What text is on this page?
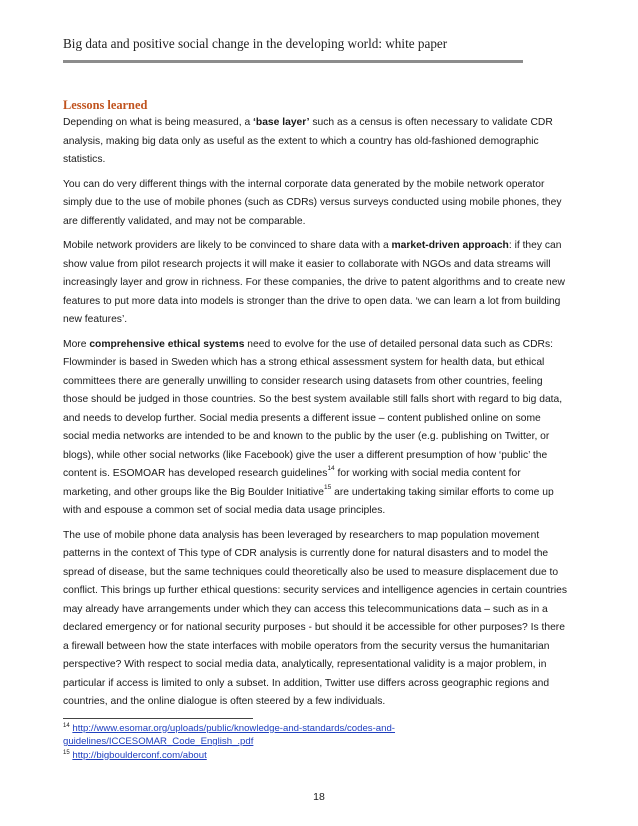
Big data and positive social change in the developing world: white paper
Lessons learned

Depending on what is being measured, a ‘base layer’ such as a census is often necessary to validate CDR analysis, making big data only as useful as the extent to which a country has old-fashioned demographic statistics.

You can do very different things with the internal corporate data generated by the mobile network operator simply due to the use of mobile phones (such as CDRs) versus surveys conducted using mobile phones, they are differently validated, and may not be comparable.

Mobile network providers are likely to be convinced to share data with a market-driven approach: if they can show value from pilot research projects it will make it easier to collaborate with NGOs and data streams will increasingly layer and grow in richness. For these companies, the drive to patent algorithms and to create new features to put more data into models is stronger than the drive to open data. ‘we can learn a lot from building new features’.

More comprehensive ethical systems need to evolve for the use of detailed personal data such as CDRs: Flowminder is based in Sweden which has a strong ethical assessment system for health data, but ethical committees there are generally unwilling to consider research using datasets from other countries, feeling those should be judged in those countries. So the best system available still falls short with regard to big data, and needs to develop further. Social media presents a different issue – content published online on some social media networks are intended to be and known to the public by the user (e.g. publishing on Twitter, or blogs), while other social networks (like Facebook) give the user a different presumption of how ‘public’ the content is. ESOMOAR has developed research guidelines$^{14}$ for working with social media content for marketing, and other groups like the Big Boulder Initiative$^{15}$ are undertaking taking similar efforts to come up with and espouse a common set of social media data usage principles.

The use of mobile phone data analysis has been leveraged by researchers to map population movement patterns in the context of This type of CDR analysis is currently done for natural disasters and to model the spread of disease, but the same techniques could theoretically also be used to measure displacement due to conflict. This brings up further ethical questions: security services and intelligence agencies in certain countries may already have arrangements under which they can access this telecommunications data – such as in a declared emergency or for national security purposes - but should it be accessible for other purposes? Is there a firewall between how the state interfaces with mobile operators from the security versus the humanitarian perspective? With respect to social media data, analytically, representational validity is a major problem, in particular if access is limited to only a subset. In addition, Twitter use differs across geographic regions and countries, and the online dialogue is often steered by a few individuals.

$^{14}$ http://www.esomar.org/uploads/public/knowledge-and-standards/codes-and-guidelines/ICCESOMAR_Code_English_.pdf
$^{15}$ http://bigboulderconf.com/about
18
